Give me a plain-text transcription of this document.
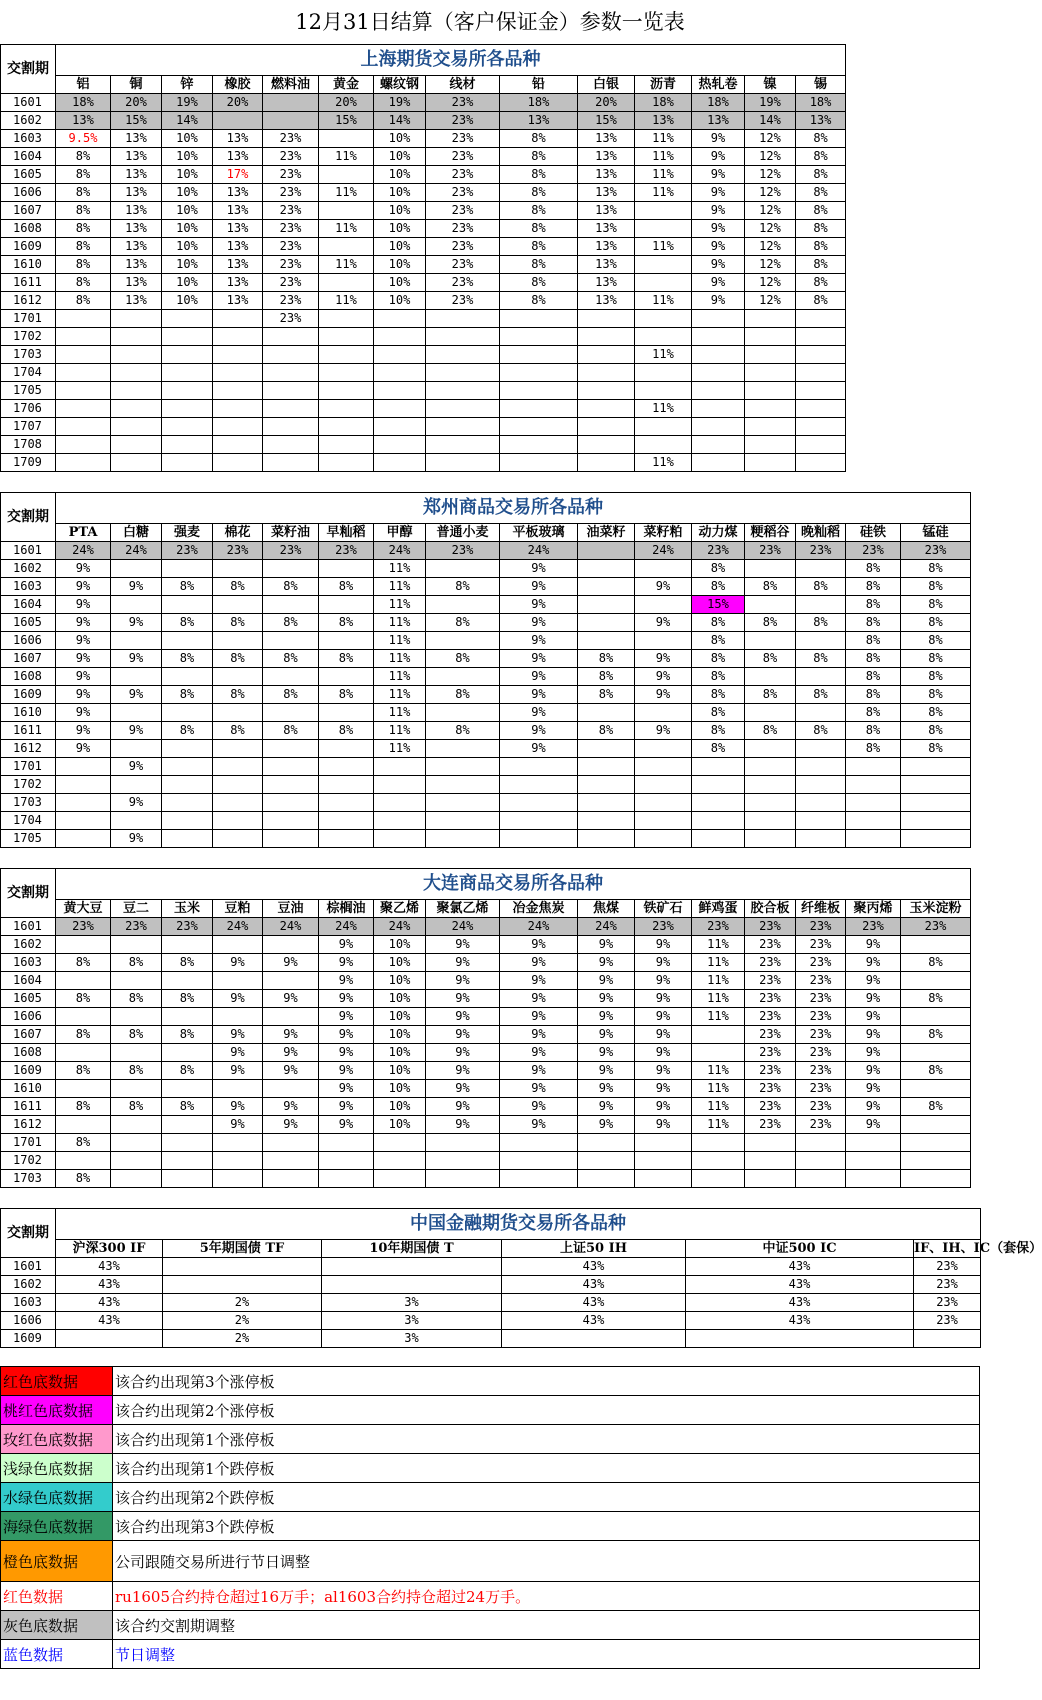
12月31日结算（客户保证金）参数一览表
交割期	上海期货交易所各品种													
	铝	铜	锌	橡胶	燃料油	黄金	螺纹钢	线材	铅	白银	沥青	热轧卷	镍	锡
1601	18%	20%	19%	20%		20%	19%	23%	18%	20%	18%	18%	19%	18%
1602	13%	15%	14%			15%	14%	23%	13%	15%	13%	13%	14%	13%
1603	9.5%	13%	10%	13%	23%		10%	23%	8%	13%	11%	9%	12%	8%
1604	8%	13%	10%	13%	23%	11%	10%	23%	8%	13%	11%	9%	12%	8%
1605	8%	13%	10%	17%	23%		10%	23%	8%	13%	11%	9%	12%	8%
1606	8%	13%	10%	13%	23%	11%	10%	23%	8%	13%	11%	9%	12%	8%
1607	8%	13%	10%	13%	23%		10%	23%	8%	13%		9%	12%	8%
1608	8%	13%	10%	13%	23%	11%	10%	23%	8%	13%		9%	12%	8%
1609	8%	13%	10%	13%	23%		10%	23%	8%	13%	11%	9%	12%	8%
1610	8%	13%	10%	13%	23%	11%	10%	23%	8%	13%		9%	12%	8%
1611	8%	13%	10%	13%	23%		10%	23%	8%	13%		9%	12%	8%
1612	8%	13%	10%	13%	23%	11%	10%	23%	8%	13%	11%	9%	12%	8%
1701					23%									
1702														
1703											11%			
1704														
1705														
1706											11%			
1707														
1708														
1709											11%			
交割期	郑州商品交易所各品种															
	PTA	白糖	强麦	棉花	菜籽油	早籼稻	甲醇	普通小麦	平板玻璃	油菜籽	菜籽粕	动力煤	粳稻谷	晚籼稻	硅铁	锰硅
1601	24%	24%	23%	23%	23%	23%	24%	23%	24%		24%	23%	23%	23%	23%	23%
1602	9%						11%		9%			8%			8%	8%
1603	9%	9%	8%	8%	8%	8%	11%	8%	9%		9%	8%	8%	8%	8%	8%
1604	9%						11%		9%			15%			8%	8%
1605	9%	9%	8%	8%	8%	8%	11%	8%	9%		9%	8%	8%	8%	8%	8%
1606	9%						11%		9%			8%			8%	8%
1607	9%	9%	8%	8%	8%	8%	11%	8%	9%	8%	9%	8%	8%	8%	8%	8%
1608	9%						11%		9%	8%	9%	8%			8%	8%
1609	9%	9%	8%	8%	8%	8%	11%	8%	9%	8%	9%	8%	8%	8%	8%	8%
1610	9%						11%		9%			8%			8%	8%
1611	9%	9%	8%	8%	8%	8%	11%	8%	9%	8%	9%	8%	8%	8%	8%	8%
1612	9%						11%		9%			8%			8%	8%
1701		9%														
1702																
1703		9%														
1704																
1705		9%														
交割期	大连商品交易所各品种															
	黄大豆	豆二	玉米	豆粕	豆油	棕榈油	聚乙烯	聚氯乙烯	冶金焦炭	焦煤	铁矿石	鲜鸡蛋	胶合板	纤维板	聚丙烯	玉米淀粉
1601	23%	23%	23%	24%	24%	24%	24%	24%	24%	24%	23%	23%	23%	23%	23%	23%
1602						9%	10%	9%	9%	9%	9%	11%	23%	23%	9%	
1603	8%	8%	8%	9%	9%	9%	10%	9%	9%	9%	9%	11%	23%	23%	9%	8%
1604						9%	10%	9%	9%	9%	9%	11%	23%	23%	9%	
1605	8%	8%	8%	9%	9%	9%	10%	9%	9%	9%	9%	11%	23%	23%	9%	8%
1606						9%	10%	9%	9%	9%	9%	11%	23%	23%	9%	
1607	8%	8%	8%	9%	9%	9%	10%	9%	9%	9%	9%		23%	23%	9%	8%
1608				9%	9%	9%	10%	9%	9%	9%	9%		23%	23%	9%	
1609	8%	8%	8%	9%	9%	9%	10%	9%	9%	9%	9%	11%	23%	23%	9%	8%
1610						9%	10%	9%	9%	9%	9%	11%	23%	23%	9%	
1611	8%	8%	8%	9%	9%	9%	10%	9%	9%	9%	9%	11%	23%	23%	9%	8%
1612				9%	9%	9%	10%	9%	9%	9%	9%	11%	23%	23%	9%	
1701	8%															
1702																
1703	8%															
交割期	中国金融期货交易所各品种					
	沪深300 IF	5年期国债 TF	10年期国债 T	上证50 IH	中证500 IC	IF、IH、IC（套保）
1601	43%			43%	43%	23%
1602	43%			43%	43%	23%
1603	43%	2%	3%	43%	43%	23%
1606	43%	2%	3%	43%	43%	23%
1609		2%	3%			
红色底数据	该合约出现第3个涨停板
桃红色底数据	该合约出现第2个涨停板
玫红色底数据	该合约出现第1个涨停板
浅绿色底数据	该合约出现第1个跌停板
水绿色底数据	该合约出现第2个跌停板
海绿色底数据	该合约出现第3个跌停板
橙色底数据	公司跟随交易所进行节日调整
红色数据	ru1605合约持仓超过16万手；al1603合约持仓超过24万手。
灰色底数据	该合约交割期调整
蓝色数据	节日调整
